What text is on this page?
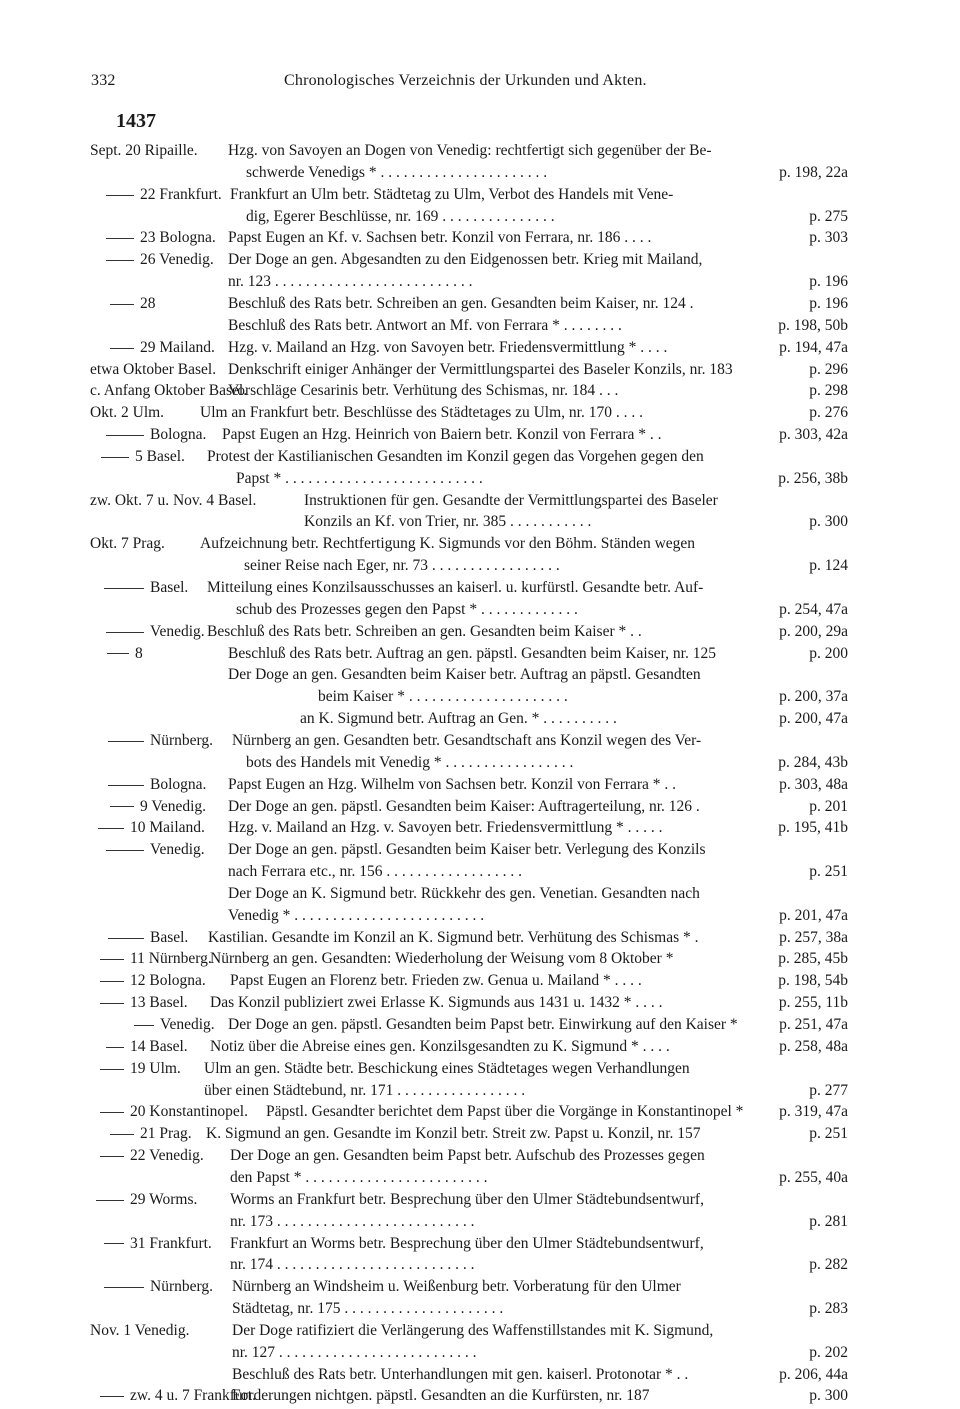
332	Chronologisches Verzeichnis der Urkunden und Akten.
1437
Sept. 20 Ripaille. Hzg. von Savoyen an Dogen von Venedig: rechtfertigt sich gegenüber der Be-
schwerde Venedigs * . . . . . . . . . . . . . . . . . . . . . .	p. 198, 22a
22 Frankfurt. Frankfurt an Ulm betr. Städtetag zu Ulm, Verbot des Handels mit Vene-
dig, Egerer Beschlüsse, nr. 169 . . . . . . . . . . . . . . .	p. 275
23 Bologna. Papst Eugen an Kf. v. Sachsen betr. Konzil von Ferrara, nr. 186 . . . .	p. 303
26 Venedig. Der Doge an gen. Abgesandten zu den Eidgenossen betr. Krieg mit Mailand,
nr. 123 . . . . . . . . . . . . . . . . . . . . . . . . . .	p. 196
28	Beschluß des Rats betr. Schreiben an gen. Gesandten beim Kaiser, nr. 124 .	p. 196
Beschluß des Rats betr. Antwort an Mf. von Ferrara * . . . . . . . .	p. 198, 50b
29 Mailand. Hzg. v. Mailand an Hzg. von Savoyen betr. Friedensvermittlung * . . . .	p. 194, 47a
etwa Oktober Basel. Denkschrift einiger Anhänger der Vermittlungspartei des Baseler Konzils, nr. 183	p. 296
c. Anfang Oktober Basel.
Vorschläge Cesarinis betr. Verhütung des Schismas, nr. 184 . . .	p. 298
Okt. 2 Ulm. Ulm an Frankfurt betr. Beschlüsse des Städtetages zu Ulm, nr. 170 . . . .	p. 276
Bologna. Papst Eugen an Hzg. Heinrich von Baiern betr. Konzil von Ferrara * . .	p. 303, 42a
5 Basel. Protest der Kastilianischen Gesandten im Konzil gegen das Vorgehen gegen den
Papst * . . . . . . . . . . . . . . . . . . . . . . . . . .	p. 256, 38b
zw. Okt. 7 u. Nov. 4 Basel.	Instruktionen für gen. Gesandte der Vermittlungspartei des Baseler
Konzils an Kf. von Trier, nr. 385 . . . . . . . . . . .	p. 300
Okt. 7 Prag. Aufzeichnung betr. Rechtfertigung K. Sigmunds vor den Böhm. Ständen wegen
seiner Reise nach Eger, nr. 73 . . . . . . . . . . . . . . . . .	p. 124
Basel. Mitteilung eines Konzilsausschusses an kaiserl. u. kurfürstl. Gesandte betr. Auf-
schub des Prozesses gegen den Papst * . . . . . . . . . . . . .	p. 254, 47a
Venedig. Beschluß des Rats betr. Schreiben an gen. Gesandten beim Kaiser * . .	p. 200, 29a
8	Beschluß des Rats betr. Auftrag an gen. päpstl. Gesandten beim Kaiser, nr. 125	p. 200
Der Doge an gen. Gesandten beim Kaiser betr. Auftrag an päpstl. Gesandten
beim Kaiser * . . . . . . . . . . . . . . . . . . . . .	p. 200, 37a
an K. Sigmund betr. Auftrag an Gen. * . . . . . . . . . .	p. 200, 47a
Nürnberg. Nürnberg an gen. Gesandten betr. Gesandtschaft ans Konzil wegen des Ver-
bots des Handels mit Venedig * . . . . . . . . . . . . . . . . .	p. 284, 43b
Bologna. Papst Eugen an Hzg. Wilhelm von Sachsen betr. Konzil von Ferrara * . .	p. 303, 48a
9 Venedig. Der Doge an gen. päpstl. Gesandten beim Kaiser: Auftragerteilung, nr. 126 .	p. 201
10 Mailand. Hzg. v. Mailand an Hzg. v. Savoyen betr. Friedensvermittlung * . . . . .	p. 195, 41b
Venedig. Der Doge an gen. päpstl. Gesandten beim Kaiser betr. Verlegung des Konzils
nach Ferrara etc., nr. 156 . . . . . . . . . . . . . . . . . .	p. 251
Der Doge an K. Sigmund betr. Rückkehr des gen. Venetian. Gesandten nach
Venedig * . . . . . . . . . . . . . . . . . . . . . . . . .	p. 201, 47a
Basel. Kastilian. Gesandte im Konzil an K. Sigmund betr. Verhütung des Schismas * .	p. 257, 38a
11 Nürnberg.
Nürnberg an gen. Gesandten: Wiederholung der Weisung vom 8 Oktober *	p. 285, 45b
12 Bologna. Papst Eugen an Florenz betr. Frieden zw. Genua u. Mailand * . . . .	p. 198, 54b
13 Basel. Das Konzil publiziert zwei Erlasse K. Sigmunds aus 1431 u. 1432 * . . . .	p. 255, 11b
Venedig. Der Doge an gen. päpstl. Gesandten beim Papst betr. Einwirkung auf den Kaiser *	p. 251, 47a
14 Basel. Notiz über die Abreise eines gen. Konzilsgesandten zu K. Sigmund * . . . .	p. 258, 48a
19 Ulm. Ulm an gen. Städte betr. Beschickung eines Städtetages wegen Verhandlungen
über einen Städtebund, nr. 171 . . . . . . . . . . . . . . . . .	p. 277
20 Konstantinopel. Päpstl. Gesandter berichtet dem Papst über die Vorgänge in Konstantinopel *	p. 319, 47a
21 Prag. K. Sigmund an gen. Gesandte im Konzil betr. Streit zw. Papst u. Konzil, nr. 157	p. 251
22 Venedig. Der Doge an gen. Gesandten beim Papst betr. Aufschub des Prozesses gegen
den Papst * . . . . . . . . . . . . . . . . . . . . . . . .	p. 255, 40a
29 Worms. Worms an Frankfurt betr. Besprechung über den Ulmer Städtebundsentwurf,
nr. 173 . . . . . . . . . . . . . . . . . . . . . . . . . .	p. 281
31 Frankfurt. Frankfurt an Worms betr. Besprechung über den Ulmer Städtebundsentwurf,
nr. 174 . . . . . . . . . . . . . . . . . . . . . . . . . .	p. 282
Nürnberg. Nürnberg an Windsheim u. Weißenburg betr. Vorberatung für den Ulmer
Städtetag, nr. 175 . . . . . . . . . . . . . . . . . . . . .	p. 283
Nov. 1 Venedig.	Der Doge ratifiziert die Verlängerung des Waffenstillstandes mit K. Sigmund,
nr. 127 . . . . . . . . . . . . . . . . . . . . . . . . . .	p. 202
Beschluß des Rats betr. Unterhandlungen mit gen. kaiserl. Protonotar * . .	p. 206, 44a
zw. 4 u. 7 Frankfurt.
Forderungen nichtgen. päpstl. Gesandten an die Kurfürsten, nr. 187	p. 300
